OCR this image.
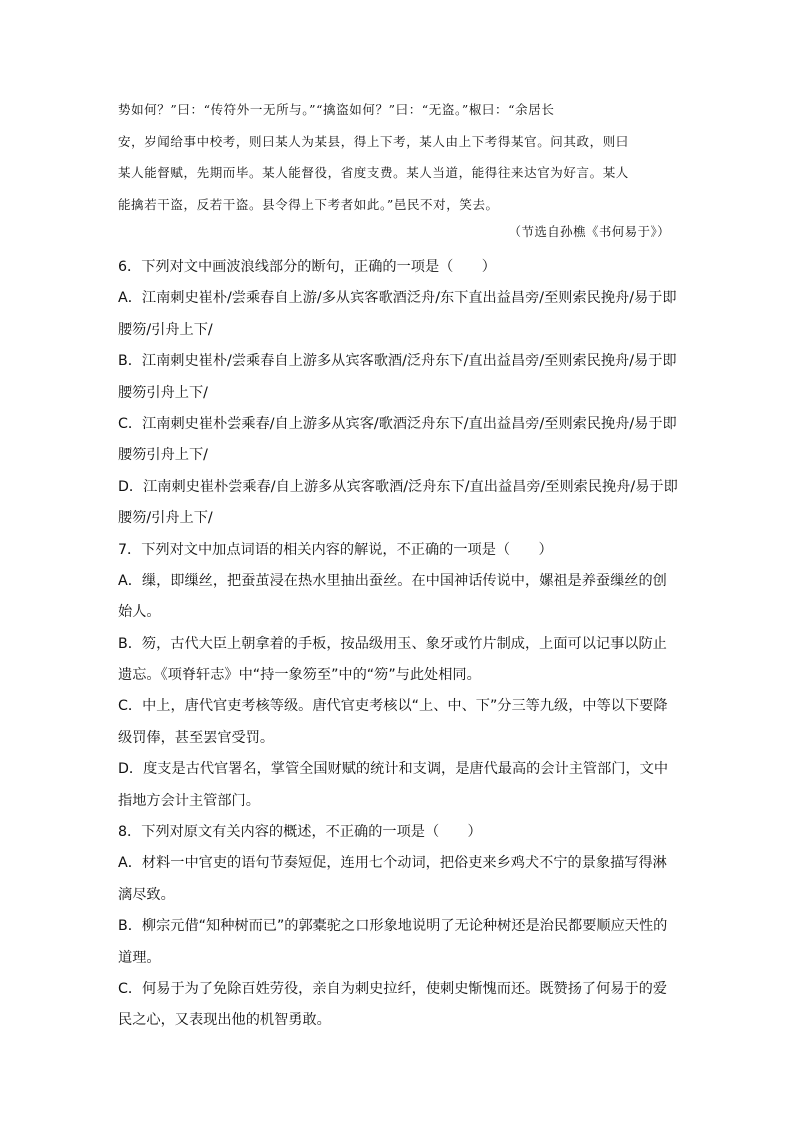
势如何？”曰：“传符外一无所与。”“擒盗如何？”曰：“无盗。”椒曰：“余居长

安，岁闻给事中校考，则曰某人为某县，得上下考，某人由上下考得某官。问其政，则曰

某人能督赋，先期而毕。某人能督役，省度支费。某人当道，能得往来达官为好言。某人

能擒若干盗，反若干盗。县令得上下考者如此。”邑民不对，笑去。

（节选自孙樵《书何易于》）
6．下列对文中画波浪线部分的断句，正确的一项是（　　）
A．江南刺史崔朴/尝乘春自上游/多从宾客歌酒泛舟/东下直出益昌旁/至则索民挽舟/易于即
腰笏/引舟上下/
B．江南刺史崔朴/尝乘春自上游多从宾客歌酒/泛舟东下/直出益昌旁/至则索民挽舟/易于即
腰笏引舟上下/
C．江南刺史崔朴尝乘春/自上游多从宾客/歌酒泛舟东下/直出益昌旁/至则索民挽舟/易于即
腰笏引舟上下/
D．江南刺史崔朴尝乘春/自上游多从宾客歌酒/泛舟东下/直出益昌旁/至则索民挽舟/易于即
腰笏/引舟上下/
7．下列对文中加点词语的相关内容的解说，不正确的一项是（　　）
A．缫，即缫丝，把蚕茧浸在热水里抽出蚕丝。在中国神话传说中，嫘祖是养蚕缫丝的创
始人。
B．笏，古代大臣上朝拿着的手板，按品级用玉、象牙或竹片制成，上面可以记事以防止
遗忘。《项脊轩志》中“持一象笏至”中的“笏”与此处相同。
C．中上，唐代官吏考核等级。唐代官吏考核以“上、中、下”分三等九级，中等以下要降
级罚俸，甚至罢官受罚。
D．度支是古代官署名，掌管全国财赋的统计和支调，是唐代最高的会计主管部门，文中
指地方会计主管部门。
8．下列对原文有关内容的概述，不正确的一项是（　　）
A．材料一中官吏的语句节奏短促，连用七个动词，把俗吏来乡鸡犬不宁的景象描写得淋
漓尽致。
B．柳宗元借“知种树而已”的郭橐驼之口形象地说明了无论种树还是治民都要顺应天性的
道理。
C．何易于为了免除百姓劳役，亲自为刺史拉纤，使刺史惭愧而还。既赞扬了何易于的爱
民之心，又表现出他的机智勇敢。
